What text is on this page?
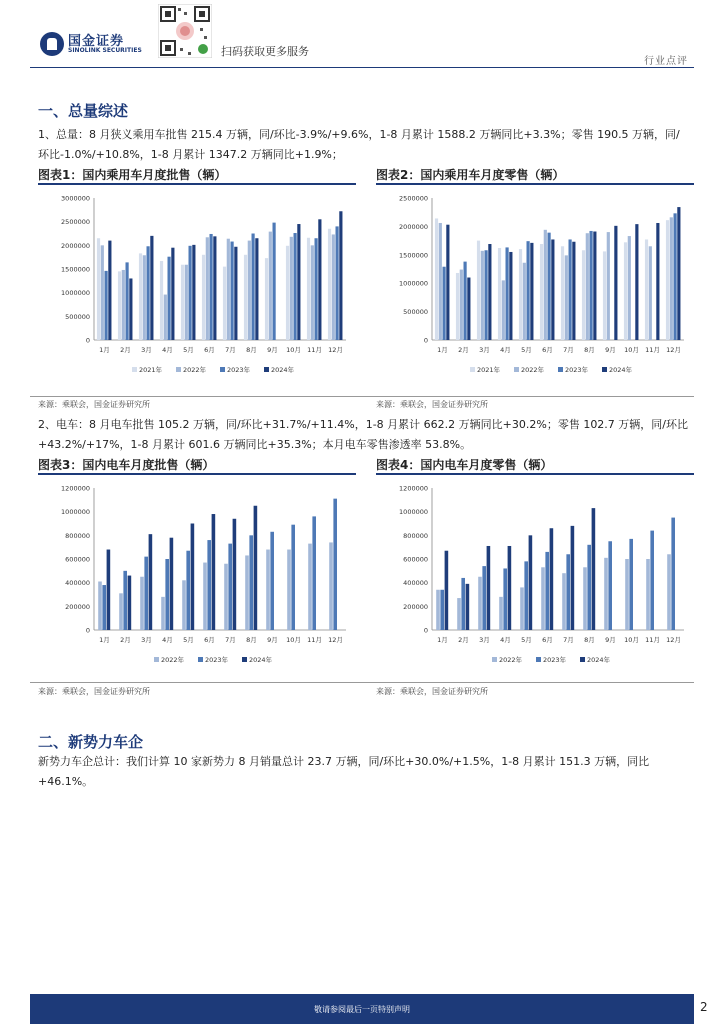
国金证券
SINOLINK SECURITIES	扫码获取更多服务
行业点评
一、总量综述
1、总量：8 月狭义乘用车批售 215.4 万辆，同/环比-3.9%/+9.6%，1-8 月累计 1588.2 万辆同比+3.3%；零售 190.5 万辆，同/环比-1.0%/+10.8%，1-8 月累计 1347.2 万辆同比+1.9%；
图表1：国内乘用车月度批售（辆）	图表2：国内乘用车月度零售（辆）
0
500000
1000000
1500000
2000000
2500000
3000000
1月 2月 3月 4月 5月 6月 7月 8月 9月 10月 11月 12月
2021年	2022年	2023年	2024年
0
500000
1000000
1500000
2000000
2500000
1月 2月 3月 4月 5月 6月 7月 8月 9月 10月 11月 12月
2021年	2022年	2023年	2024年
来源：乘联会，国金证券研究所	来源：乘联会，国金证券研究所
2、电车：8 月电车批售 105.2 万辆，同/环比+31.7%/+11.4%，1-8 月累计 662.2 万辆同比+30.2%；零售 102.7 万辆，同/环比+43.2%/+17%，1-8 月累计 601.6 万辆同比+35.3%；本月电车零售渗透率 53.8%。
图表3：国内电车月度批售（辆）	图表4：国内电车月度零售（辆）
0
200000
400000
600000
800000
1000000
1200000
1月 2月 3月 4月 5月 6月 7月 8月 9月 10月 11月 12月
2022年	2023年	2024年
0
200000
400000
600000
800000
1000000
1200000
1月 2月 3月 4月 5月 6月 7月 8月 9月 10月 11月 12月
2022年	2023年	2024年
来源：乘联会，国金证券研究所	来源：乘联会，国金证券研究所
二、新势力车企
新势力车企总计：我们计算 10 家新势力 8 月销量总计 23.7 万辆，同/环比+30.0%/+1.5%，1-8 月累计 151.3 万辆，同比+46.1%。
敬请参阅最后一页特别声明	2
